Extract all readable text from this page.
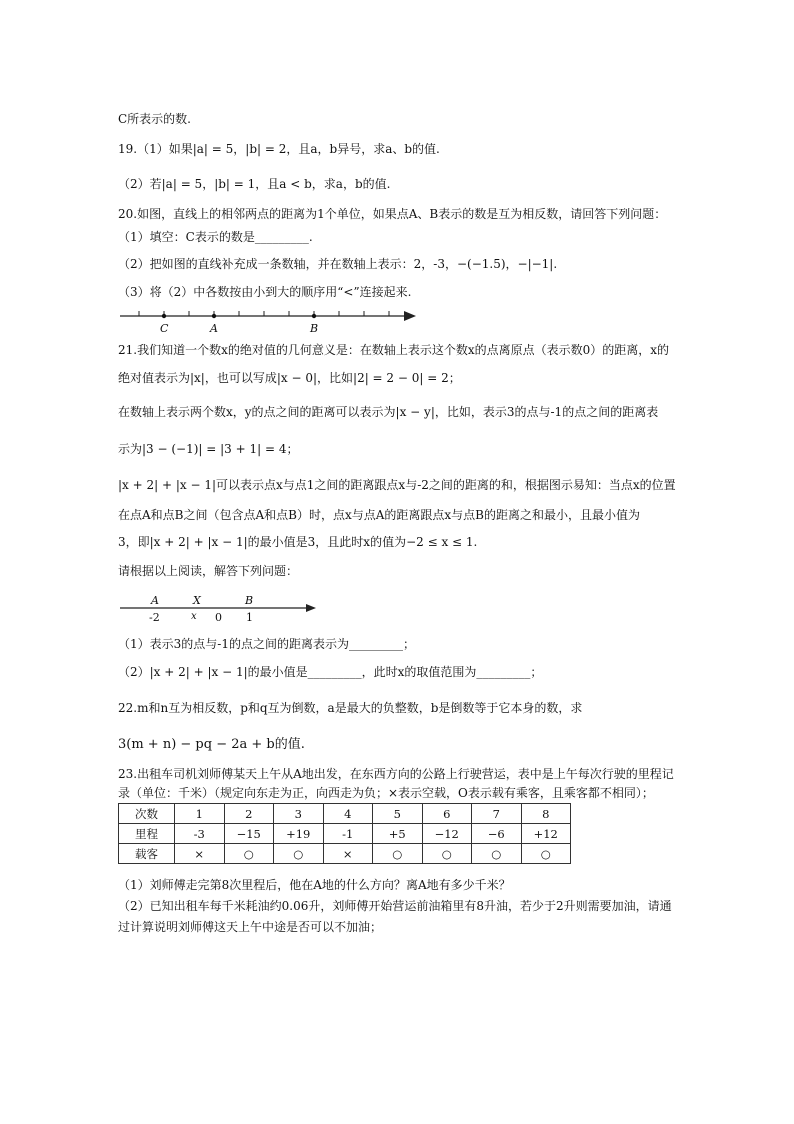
C所表示的数.
19.（1）如果|a| = 5，|b| = 2，且a，b异号，求a、b的值.
（2）若|a| = 5，|b| = 1，且a < b，求a，b的值.
20.如图，直线上的相邻两点的距离为1个单位，如果点A、B表示的数是互为相反数，请回答下列问题：
（1）填空：C表示的数是_________.
（2）把如图的直线补充成一条数轴，并在数轴上表示：2，-3，−(−1.5)，−|−1|.
（3）将（2）中各数按由小到大的顺序用“<”连接起来.
C	A	B
21.我们知道一个数x的绝对值的几何意义是：在数轴上表示这个数x的点离原点（表示数0）的距离，x的
绝对值表示为|x|，也可以写成|x − 0|，比如|2| = 2 − 0| = 2；
在数轴上表示两个数x，y的点之间的距离可以表示为|x − y|，比如，表示3的点与-1的点之间的距离表
示为|3 − (−1)| = |3 + 1| = 4；
|x + 2| + |x − 1|可以表示点x与点1之间的距离跟点x与-2之间的距离的和，根据图示易知：当点x的位置
在点A和点B之间（包含点A和点B）时，点x与点A的距离跟点x与点B的距离之和最小，且最小值为
3，即|x + 2| + |x − 1|的最小值是3，且此时x的值为−2 ≤ x ≤ 1.
请根据以上阅读，解答下列问题：
A	X	B
-2	x 0 1
（1）表示3的点与-1的点之间的距离表示为_________；
（2）|x + 2| + |x − 1|的最小值是_________，此时x的取值范围为_________；
22.m和n互为相反数，p和q互为倒数，a是最大的负整数，b是倒数等于它本身的数，求
3(m + n) − pq − 2a + b的值.
23.出租车司机刘师傅某天上午从A地出发，在东西方向的公路上行驶营运，表中是上午每次行驶的里程记
录（单位：千米）（规定向东走为正，向西走为负；×表示空载，O表示载有乘客，且乘客都不相同）；
次数	1	2	3	4	5	6	7	8
里程	-3	−15	+19	-1	+5	−12	−6	+12
载客	×	○	○	×	○	○	○	○
（1）刘师傅走完第8次里程后，他在A地的什么方向？离A地有多少千米？
（2）已知出租车每千米耗油约0.06升，刘师傅开始营运前油箱里有8升油，若少于2升则需要加油，请通
过计算说明刘师傅这天上午中途是否可以不加油；
